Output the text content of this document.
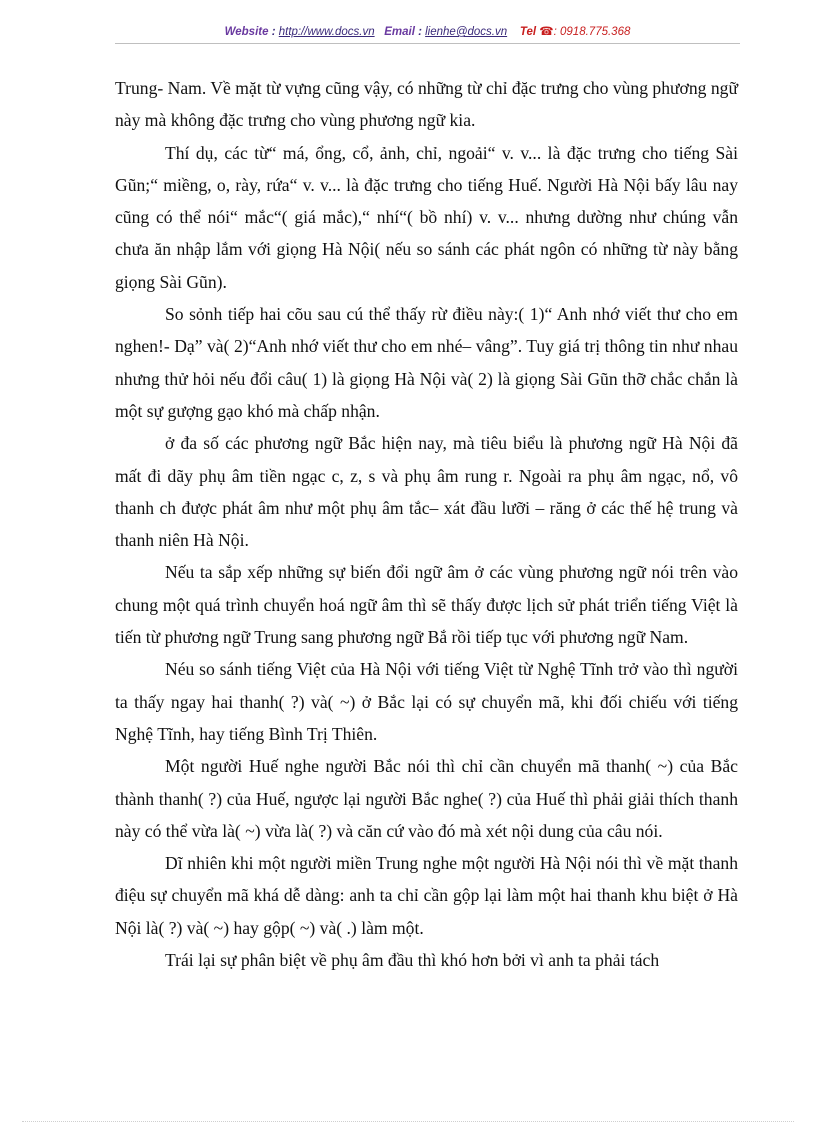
Website : http://www.docs.vn Email : lienhe@docs.vn Tel ☎: 0918.775.368

Trung- Nam. Về mặt từ vựng cũng vậy, có những từ chỉ đặc trưng cho vùng phương ngữ này mà không đặc trưng cho vùng phương ngữ kia.

Thí dụ, các từ“ má, ổng, cổ, ảnh, chỉ, ngoải“ v. v... là đặc trưng cho tiếng Sài Gũn;“ miềng, o, rày, rứa“ v. v... là đặc trưng cho tiếng Huế. Người Hà Nội bấy lâu nay cũng có thể nói“ mắc“( giá mắc),“ nhí“( bồ nhí) v. v... nhưng dường như chúng vẫn chưa ăn nhập lắm với giọng Hà Nội( nếu so sánh các phát ngôn có những từ này bằng giọng Sài Gũn).

So sỏnh tiếp hai cõu sau cú thể thấy rừ điều này:( 1)“ Anh nhớ viết thư cho em nghen!- Dạ” và( 2)“Anh nhớ viết thư cho em nhé– vâng”. Tuy giá trị thông tin như nhau nhưng thử hỏi nếu đổi câu( 1) là giọng Hà Nội và( 2) là giọng Sài Gũn thỡ chắc chắn là một sự gượng gạo khó mà chấp nhận.

ở đa số các phương ngữ Bắc hiện nay, mà tiêu biểu là phương ngữ Hà Nội đã mất đi dãy phụ âm tiền ngạc c, z, s và phụ âm rung r. Ngoài ra phụ âm ngạc, nổ, vô thanh ch được phát âm như một phụ âm tắc– xát đầu lưỡi – răng ở các thế hệ trung và thanh niên Hà Nội.

Nếu ta sắp xếp những sự biến đổi ngữ âm ở các vùng phương ngữ nói trên vào chung một quá trình chuyển hoá ngữ âm thì sẽ thấy được lịch sử phát triển tiếng Việt là tiến từ phương ngữ Trung sang phương ngữ Bắ rồi tiếp tục với phương ngữ Nam.

Néu so sánh tiếng Việt của Hà Nội với tiếng Việt từ Nghệ Tĩnh trở vào thì người ta thấy ngay hai thanh( ?) và( ~) ở Bắc lại có sự chuyển mã, khi đối chiếu với tiếng Nghệ Tĩnh, hay tiếng Bình Trị Thiên.

Một người Huế nghe người Bắc nói thì chỉ cần chuyển mã thanh( ~) của Bắc thành thanh( ?) của Huế, ngược lại người Bắc nghe( ?) của Huế thì phải giải thích thanh này có thể vừa là( ~) vừa là( ?) và căn cứ vào đó mà xét nội dung của câu nói.

Dĩ nhiên khi một người miền Trung nghe một người Hà Nội nói thì về mặt thanh điệu sự chuyển mã khá dễ dàng: anh ta chỉ cần gộp lại làm một hai thanh khu biệt ở Hà Nội là( ?) và( ~) hay gộp( ~) và( .) làm một.

Trái lại sự phân biệt về phụ âm đầu thì khó hơn bởi vì anh ta phải tách
